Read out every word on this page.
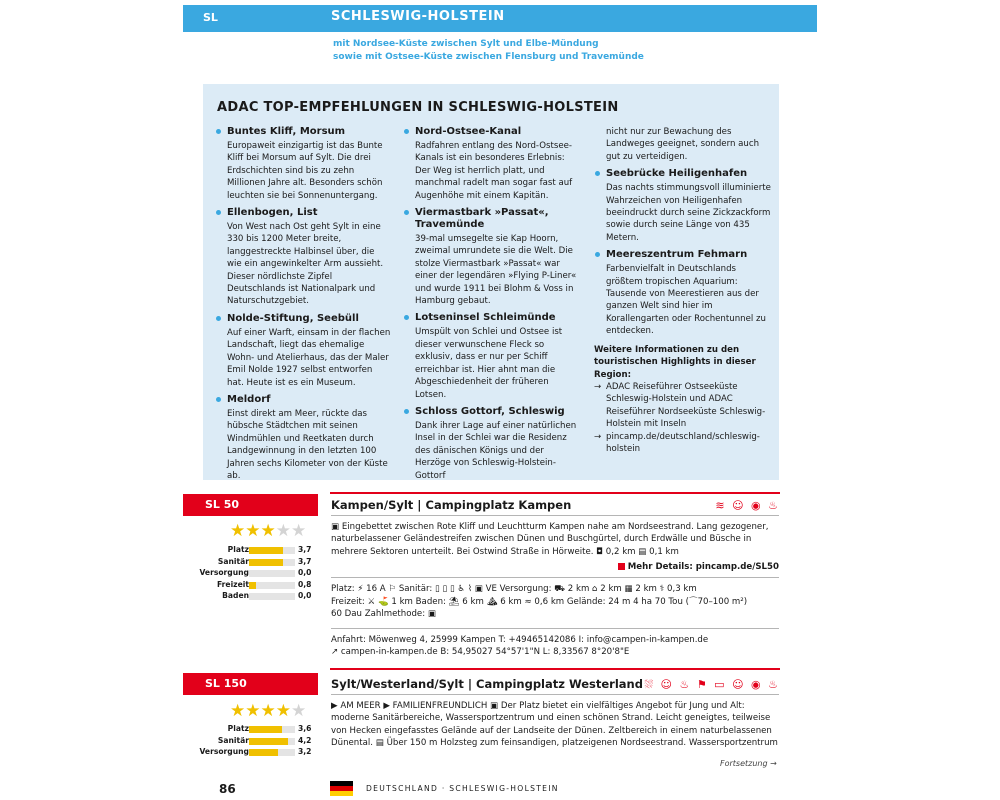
SL	SCHLESWIG-HOLSTEIN
mit Nordsee-Küste zwischen Sylt und Elbe-Mündung
sowie mit Ostsee-Küste zwischen Flensburg und Travemünde
ADAC TOP-EMPFEHLUNGEN IN SCHLESWIG-HOLSTEIN
Buntes Kliff, Morsum

Europaweit einzigartig ist das Bunte Kliff bei Morsum auf Sylt. Die drei Erdschichten sind bis zu zehn Millionen Jahre alt. Besonders schön leuchten sie bei Sonnenuntergang.

Ellenbogen, List

Von West nach Ost geht Sylt in eine 330 bis 1200 Meter breite, langgestreckte Halbinsel über, die wie ein angewinkelter Arm aussieht. Dieser nördlichste Zipfel Deutschlands ist Nationalpark und Naturschutzgebiet.

Nolde-Stiftung, Seebüll

Auf einer Warft, einsam in der flachen Landschaft, liegt das ehemalige Wohn- und Atelierhaus, das der Maler Emil Nolde 1927 selbst entworfen hat. Heute ist es ein Museum.

Meldorf

Einst direkt am Meer, rückte das hübsche Städtchen mit seinen Windmühlen und Reetkaten durch Landgewinnung in den letzten 100 Jahren sechs Kilometer von der Küste ab.

Nord-Ostsee-Kanal

Radfahren entlang des Nord-Ostsee-Kanals ist ein besonderes Erlebnis: Der Weg ist herrlich platt, und manchmal radelt man sogar fast auf Augenhöhe mit einem Kapitän.

Viermastbark »Passat«, Travemünde

39-mal umsegelte sie Kap Hoorn, zweimal umrundete sie die Welt. Die stolze Viermastbark »Passat« war einer der legendären »Flying P-Liner« und wurde 1911 bei Blohm & Voss in Hamburg gebaut.

Lotseninsel Schleimünde

Umspült von Schlei und Ostsee ist dieser verwunschene Fleck so exklusiv, dass er nur per Schiff erreichbar ist. Hier ahnt man die Abgeschiedenheit der früheren Lotsen.

Schloss Gottorf, Schleswig

Dank ihrer Lage auf einer natürlichen Insel in der Schlei war die Residenz des dänischen Königs und der Herzöge von Schleswig-Holstein-Gottorf

nicht nur zur Bewachung des Landweges geeignet, sondern auch gut zu verteidigen.

Seebrücke Heiligenhafen

Das nachts stimmungsvoll illuminierte Wahrzeichen von Heiligenhafen beeindruckt durch seine Zickzackform sowie durch seine Länge von 435 Metern.

Meereszentrum Fehmarn

Farbenvielfalt in Deutschlands größtem tropischen Aquarium: Tausende von Meerestieren aus der ganzen Welt sind hier im Korallengarten oder Rochentunnel zu entdecken.

Weitere Informationen zu den touristischen Highlights in dieser Region:
→ ADAC Reiseführer Ostseeküste Schleswig-Holstein und ADAC Reiseführer Nordseeküste Schleswig-Holstein mit Inseln
→ pincamp.de/deutschland/schleswig-holstein
SL 50	Kampen/Sylt | Campingplatz Kampen	≋ ☺ ◉ ♨
★★★★★
Platz	3,7
Sanitär	3,7
Versorgung	0,0
Freizeit	0,8
Baden	0,0
▣ Eingebettet zwischen Rote Kliff und Leuchtturm Kampen nahe am Nordseestrand. Lang gezogener, naturbelassener Geländestreifen zwischen Dünen und Buschgürtel, durch Erdwälle und Büsche in mehrere Sektoren unterteilt. Bei Ostwind Straße in Hörweite. ◘ 0,2 km ▤ 0,1 km
Mehr Details: pincamp.de/SL50
Platz: ⚡ 16 A ⚐ Sanitär: ▯ ▯ ▯ ♿ ⌇ ▣ VE Versorgung: ⛟ 2 km ⌂ 2 km ▦ 2 km ⚕ 0,3 km
Freizeit: ⚔ ⛳ 1 km Baden: ⛱ 6 km ⛰ 6 km ≈ 0,6 km Gelände: 24 m 4 ha 70 Tou (⌒70–100 m²)
60 Dau Zahlmethode: ▣
Anfahrt: Möwenweg 4, 25999 Kampen T: +49465142086 I: info@campen-in-kampen.de
↗ campen-in-kampen.de B: 54,95027 54°57'1"N L: 8,33567 8°20'8"E
SL 150	Sylt/Westerland/Sylt | Campingplatz Westerland ⛆ ☺ ♨ ⚑ ▭ ☺ ◉ ♨
★★★★★
Platz	3,6
Sanitär	4,2
Versorgung	3,2
▶ AM MEER ▶ FAMILIENFREUNDLICH ▣ Der Platz bietet ein vielfältiges Angebot für Jung und Alt: moderne Sanitärbereiche, Wassersportzentrum und einen schönen Strand. Leicht geneigtes, teilweise von Hecken eingefasstes Gelände auf der Landseite der Dünen. Zeltbereich in einem naturbelassenen Dünental. ▤ Über 150 m Holzsteg zum feinsandigen, platzeigenen Nordseestrand. Wassersportzentrum
Fortsetzung →
86	DEUTSCHLAND · SCHLESWIG-HOLSTEIN
